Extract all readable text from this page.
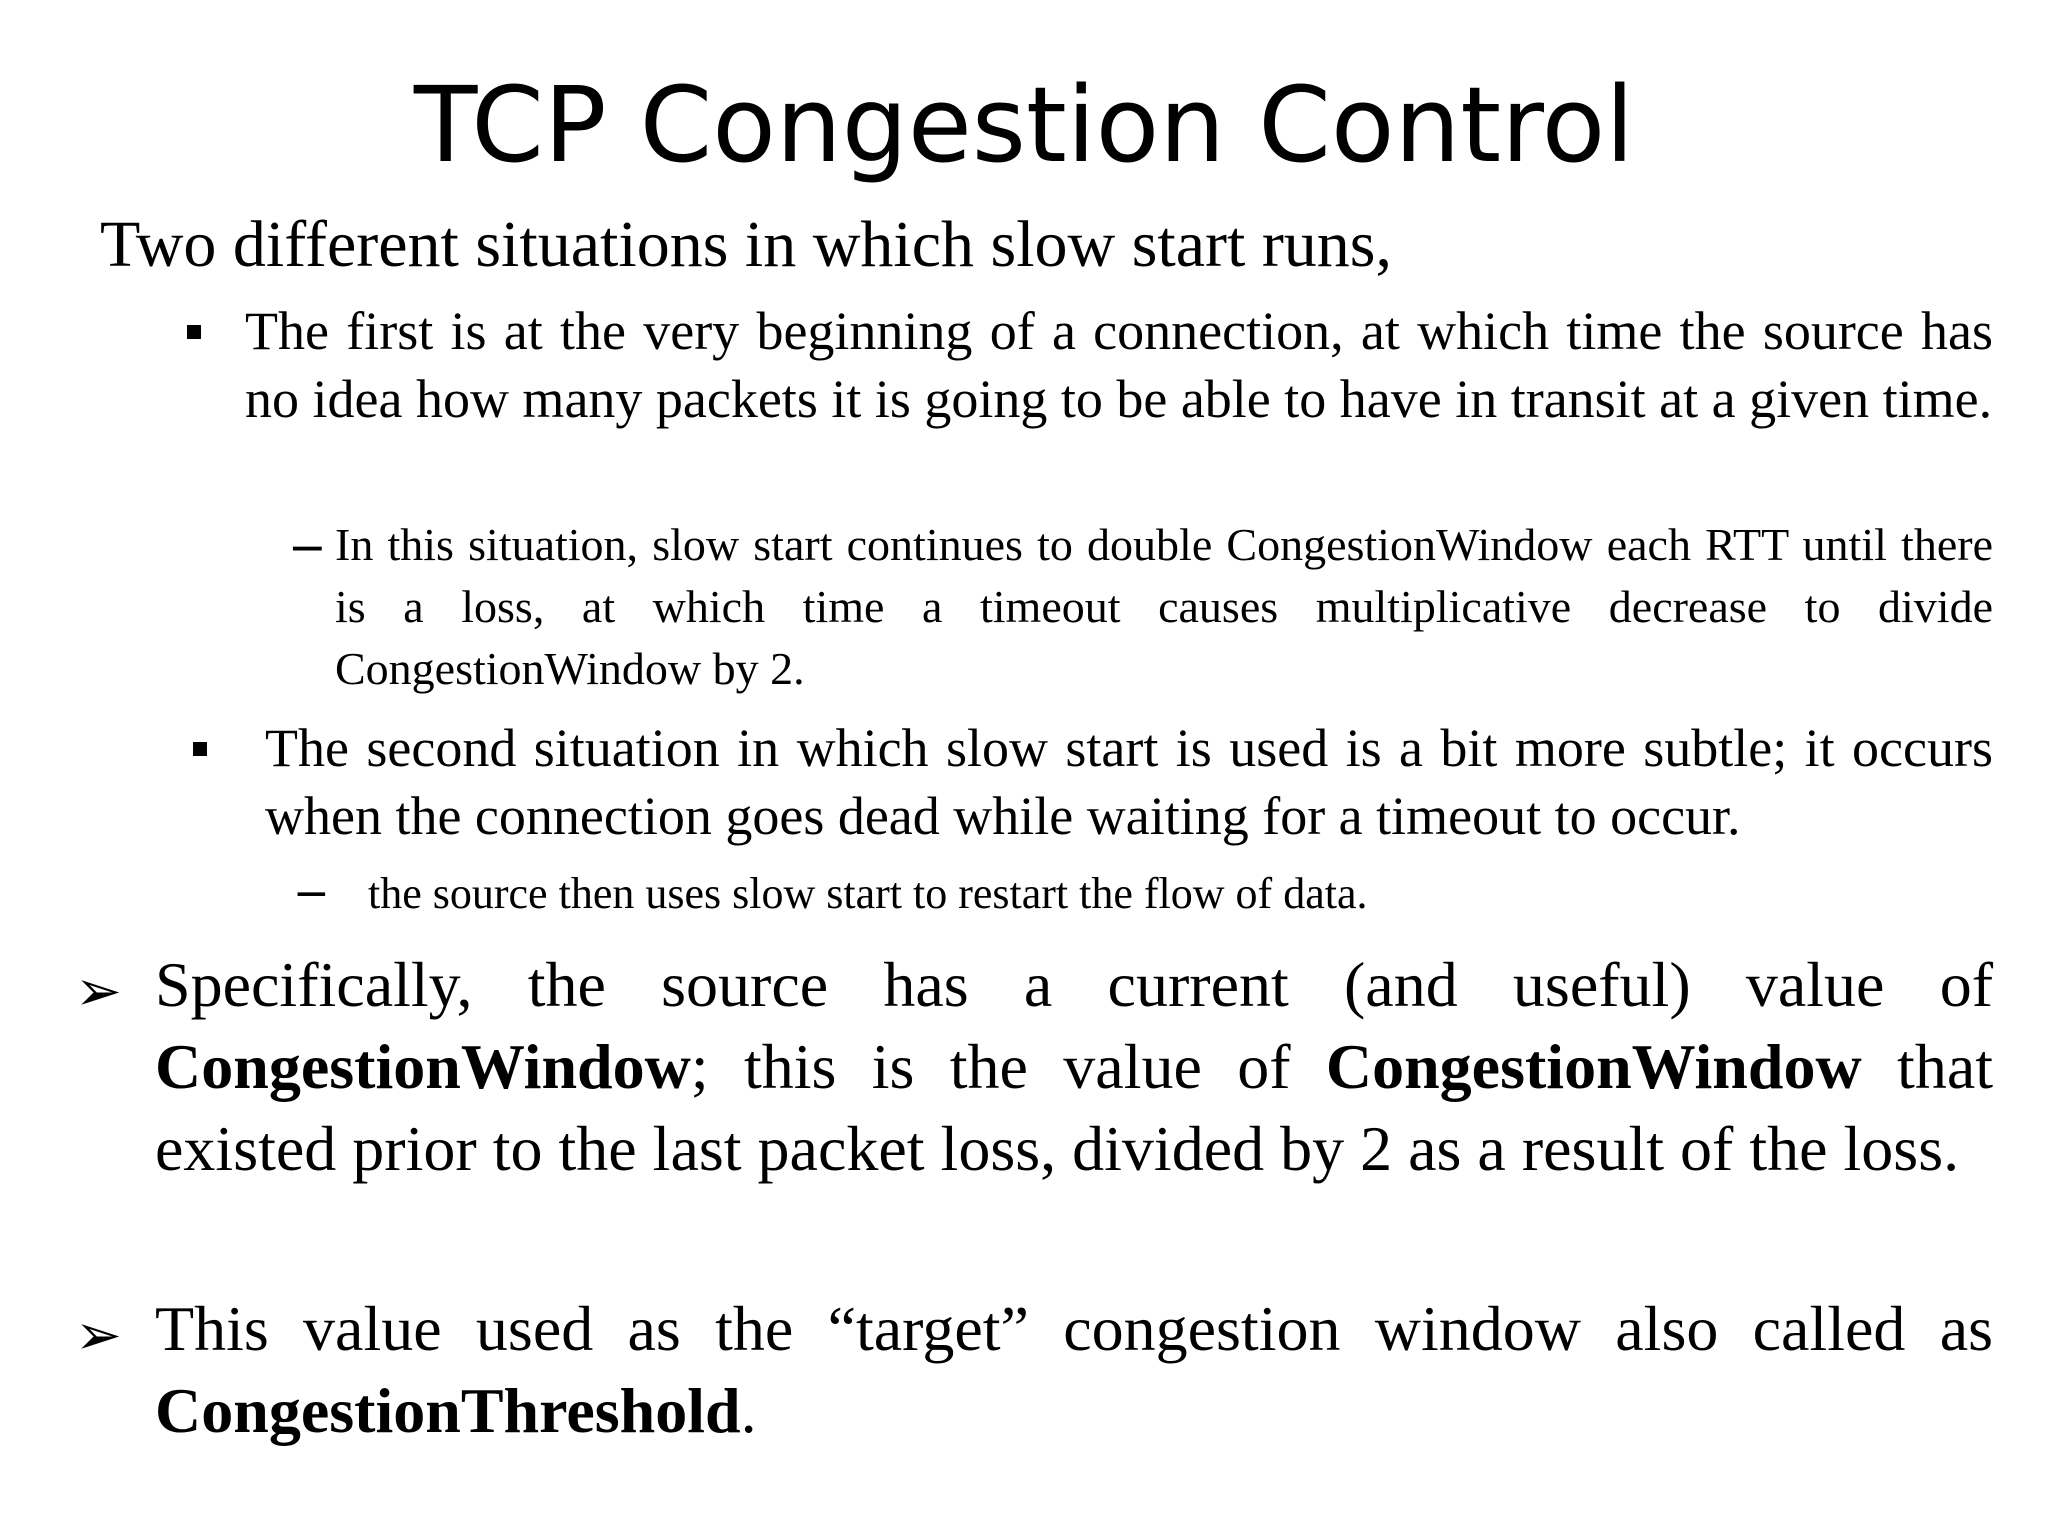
TCP Congestion Control
Two different situations in which slow start runs,
The first is at the very beginning of a connection, at which time the source has no idea how many packets it is going to be able to have in transit at a given time.
− In this situation, slow start continues to double CongestionWindow each RTT until there is a loss, at which time a timeout causes multiplicative decrease to divide CongestionWindow by 2.
The second situation in which slow start is used is a bit more subtle; it occurs when the connection goes dead while waiting for a timeout to occur.
− the source then uses slow start to restart the flow of data.
➢ Specifically, the source has a current (and useful) value of CongestionWindow; this is the value of CongestionWindow that existed prior to the last packet loss, divided by 2 as a result of the loss.
➢ This value used as the “target” congestion window also called as CongestionThreshold.
